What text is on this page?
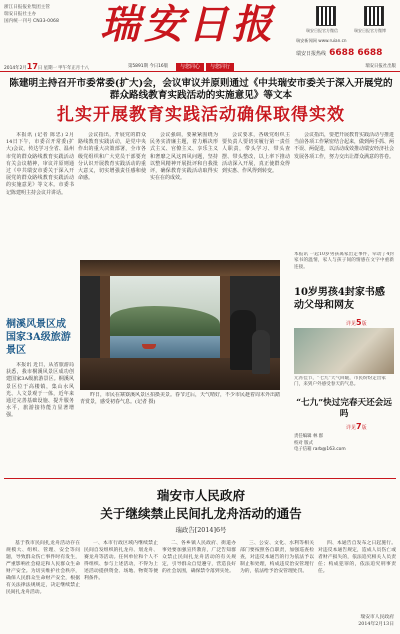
浙江日报报业集团主管
瑞安日报社主办
国内统一刊号 CN33-0068	瑞安日报	瑞安日报官方微信	瑞安日报官方微博
瑞安新闻网 www.ruian.cn
瑞安日报热线 6688 6688
2014年2月17日 星期一 甲午年正月十八	第5891期 今日16版	与您同心	与您同行	瑞安日报社出版
陈建明主持召开市委常委(扩大)会，会议审议并原则通过《中共瑞安市委关于深入开展党的群众路线教育实践活动的实施意见》等文本
扎实开展教育实践活动确保取得实效

本报讯 (记者 陈忠) 2月14日下午，市委召开常委(扩大)会议，传达学习全省、温州市党的群众路线教育实践活动有关会议精神，审议并原则通过《中共瑞安市委关于深入开展党的群众路线教育实践活动的实施意见》等文本。市委书记陈建明主持会议并讲话。

会议指出，开展党的群众路线教育实践活动，是党中央作出的重大决策部署，全市各级党组织和广大党员干部要充分认识开展教育实践活动的重大意义，切实增强责任感和使命感。

会议强调，要紧紧围绕为民务实清廉主题，着力解决形式主义、官僚主义、享乐主义和奢靡之风这四风问题，坚持以整风精神开展批评和自我批评，确保教育实践活动取得实实在在的成效。

会议要求，各级党组织主要负责人要切实履行第一责任人职责，带头学习、带头查摆、带头整改，以上率下推动活动深入开展，真正使群众得到实惠、作风得到转变。

会议指出，要把开展教育实践活动与推进当前各项工作紧密结合起来，做到两手抓、两不误、两促进，以活动成效推动瑞安经济社会发展各项工作，努力交出让群众满意的答卷。

桐溪风景区成国家3A级旅游景区

本报讯 近日，从省旅游局获悉，我市桐溪风景区成功创建国家3A级旅游景区。桐溪风景区位于高楼镇，集山水风光、人文景观于一体，近年来通过完善基础设施、提升服务水平，旅游接待能力显著增强。

昨日，市民在寨寮溪风景区拍摄美景。春节过后，天气晴好，不少市民趁着周末外出踏青赏景，感受初春气息。(记者 摄)

本报讯 一起10岁男孩离家出走事件，牵动了4封家书的温情，家人与孩子间的情感在文字中重新连接。
10岁男孩4封家书感动父母和网友
详见5版
元宵佳节，“七九”天气回暖，市民纷纷走出家门，来到户外感受春天的气息。
“七九”快过完春天还会远吗
详见7版
责任编辑 林 群
校对 版式
电子信箱 rarb@163.com
瑞安市人民政府
关于继续禁止民间扎龙舟活动的通告
瑞政告[2014]6号

基于我市民间扎龙舟活动存在规模大、组织、管理、安全等问题，导致群众伤亡事件时有发生，严重影响社会稳定和人民群众生命财产安全。为切实维护社会秩序，确保人民群众生命财产安全，根据有关法律法规规定，决定继续禁止民间扎龙舟活动。

一、本市行政区域内继续禁止民间自发组织的扎龙舟、划龙舟、赛龙舟等活动。任何单位和个人不得组织、参与上述活动，不得为上述活动提供资金、场地、物资等便利条件。

二、各乡镇人民政府、街道办事处要加强宣传教育，广泛告知群众禁止民间扎龙舟活动的有关规定，引导群众自觉遵守，营造良好的社会氛围，确保禁令落到实处。

三、公安、文化、水利等相关部门要按照各自职责，加强巡查检查，对违反本通告的行为依法予以制止和处理，构成违反治安管理行为的，依法给予治安管理处罚。

四、本通告自发布之日起施行。对违反本通告规定，造成人员伤亡或者财产损失的，依法追究相关人员责任；构成犯罪的，依法追究刑事责任。

瑞安市人民政府
2014年2月13日
